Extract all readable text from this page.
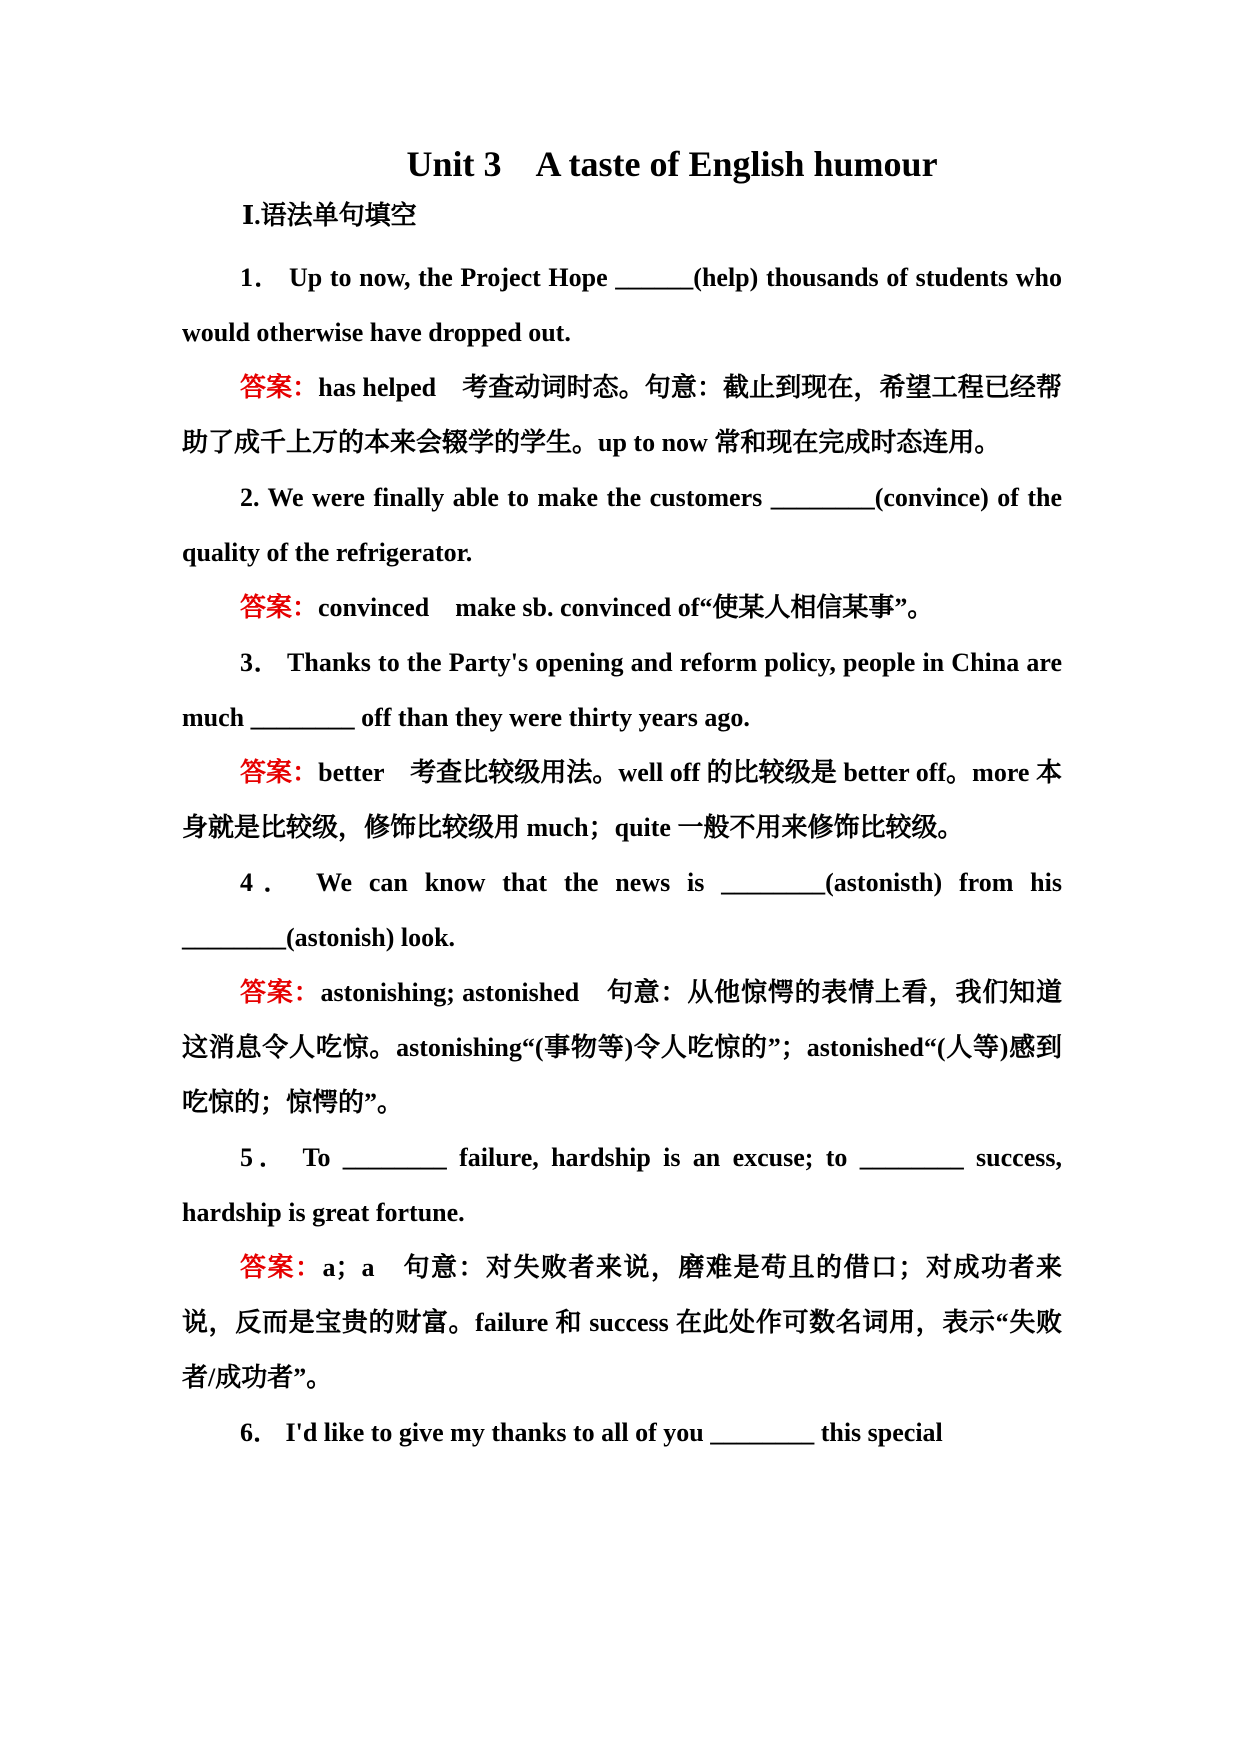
Unit 3    A taste of English humour
Ⅰ.语法单句填空

1． Up to now, the Project Hope ______(help) thousands of students who would otherwise have dropped out.

答案：has helped　考查动词时态。句意：截止到现在，希望工程已经帮助了成千上万的本来会辍学的学生。up to now 常和现在完成时态连用。

2. We were finally able to make the customers ________(convince) of the quality of the refrigerator.

答案：convinced　make sb. convinced of“使某人相信某事”。

3． Thanks to the Party's opening and reform policy, people in China are much ________ off than they were thirty years ago.

答案：better　考查比较级用法。well off 的比较级是 better off。more 本身就是比较级，修饰比较级用 much；quite 一般不用来修饰比较级。

4． We can know that the news is ________(astonisth) from his ________(astonish) look.

答案：astonishing; astonished　句意：从他惊愕的表情上看，我们知道这消息令人吃惊。astonishing“(事物等)令人吃惊的”；astonished“(人等)感到吃惊的；惊愕的”。

5． To ________ failure, hardship is an excuse; to ________ success, hardship is great fortune.

答案：a；a　句意：对失败者来说，磨难是苟且的借口；对成功者来说，反而是宝贵的财富。failure 和 success 在此处作可数名词用，表示“失败者/成功者”。

6． I'd like to give my thanks to all of you ________ this special
